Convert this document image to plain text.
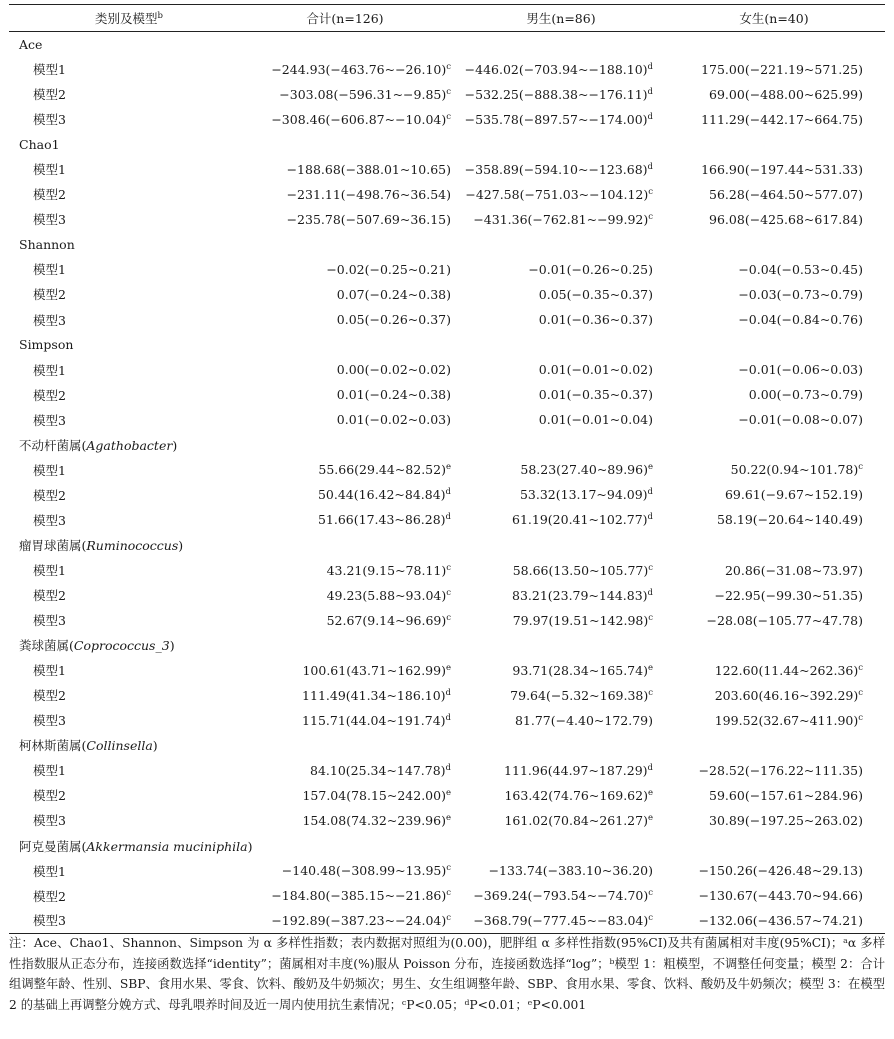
类别及模型$^b$	合计(n=126)	男生(n=86)	女生(n=40)
Ace			
模型1	−244.93(−463.76~−26.10)$^c$	−446.02(−703.94~−188.10)$^d$	175.00(−221.19~571.25)
模型2	−303.08(−596.31~−9.85)$^c$	−532.25(−888.38~−176.11)$^d$	69.00(−488.00~625.99)
模型3	−308.46(−606.87~−10.04)$^c$	−535.78(−897.57~−174.00)$^d$	111.29(−442.17~664.75)
Chao1			
模型1	−188.68(−388.01~10.65)	−358.89(−594.10~−123.68)$^d$	166.90(−197.44~531.33)
模型2	−231.11(−498.76~36.54)	−427.58(−751.03~−104.12)$^c$	56.28(−464.50~577.07)
模型3	−235.78(−507.69~36.15)	−431.36(−762.81~−99.92)$^c$	96.08(−425.68~617.84)
Shannon			
模型1	−0.02(−0.25~0.21)	−0.01(−0.26~0.25)	−0.04(−0.53~0.45)
模型2	0.07(−0.24~0.38)	0.05(−0.35~0.37)	−0.03(−0.73~0.79)
模型3	0.05(−0.26~0.37)	0.01(−0.36~0.37)	−0.04(−0.84~0.76)
Simpson			
模型1	0.00(−0.02~0.02)	0.01(−0.01~0.02)	−0.01(−0.06~0.03)
模型2	0.01(−0.24~0.38)	0.01(−0.35~0.37)	0.00(−0.73~0.79)
模型3	0.01(−0.02~0.03)	0.01(−0.01~0.04)	−0.01(−0.08~0.07)
不动杆菌属(Agathobacter)			
模型1	55.66(29.44~82.52)$^e$	58.23(27.40~89.96)$^e$	50.22(0.94~101.78)$^c$
模型2	50.44(16.42~84.84)$^d$	53.32(13.17~94.09)$^d$	69.61(−9.67~152.19)
模型3	51.66(17.43~86.28)$^d$	61.19(20.41~102.77)$^d$	58.19(−20.64~140.49)
瘤胃球菌属(Ruminococcus)			
模型1	43.21(9.15~78.11)$^c$	58.66(13.50~105.77)$^c$	20.86(−31.08~73.97)
模型2	49.23(5.88~93.04)$^c$	83.21(23.79~144.83)$^d$	−22.95(−99.30~51.35)
模型3	52.67(9.14~96.69)$^c$	79.97(19.51~142.98)$^c$	−28.08(−105.77~47.78)
粪球菌属(Coprococcus_3)			
模型1	100.61(43.71~162.99)$^e$	93.71(28.34~165.74)$^e$	122.60(11.44~262.36)$^c$
模型2	111.49(41.34~186.10)$^d$	79.64(−5.32~169.38)$^c$	203.60(46.16~392.29)$^c$
模型3	115.71(44.04~191.74)$^d$	81.77(−4.40~172.79)	199.52(32.67~411.90)$^c$
柯林斯菌属(Collinsella)			
模型1	84.10(25.34~147.78)$^d$	111.96(44.97~187.29)$^d$	−28.52(−176.22~111.35)
模型2	157.04(78.15~242.00)$^e$	163.42(74.76~169.62)$^e$	59.60(−157.61~284.96)
模型3	154.08(74.32~239.96)$^e$	161.02(70.84~261.27)$^e$	30.89(−197.25~263.02)
阿克曼菌属(Akkermansia muciniphila)			
模型1	−140.48(−308.99~13.95)$^c$	−133.74(−383.10~36.20)	−150.26(−426.48~29.13)
模型2	−184.80(−385.15~−21.86)$^c$	−369.24(−793.54~−74.70)$^c$	−130.67(−443.70~94.66)
模型3	−192.89(−387.23~−24.04)$^c$	−368.79(−777.45~−83.04)$^c$	−132.06(−436.57~74.21)

注：Ace、Chao1、Shannon、Simpson 为 α 多样性指数；表内数据对照组为(0.00)，肥胖组 α 多样性指数(95%CI)及共有菌属相对丰度(95%CI)；ᵃα 多样性指数服从正态分布，连接函数选择“identity”；菌属相对丰度(%)服从 Poisson 分布，连接函数选择“log”；ᵇ模型 1：粗模型，不调整任何变量；模型 2：合计组调整年龄、性别、SBP、食用水果、零食、饮料、酸奶及牛奶频次；男生、女生组调整年龄、SBP、食用水果、零食、饮料、酸奶及牛奶频次；模型 3：在模型 2 的基础上再调整分娩方式、母乳喂养时间及近一周内使用抗生素情况；ᶜP<0.05；ᵈP<0.01；ᵉP<0.001
